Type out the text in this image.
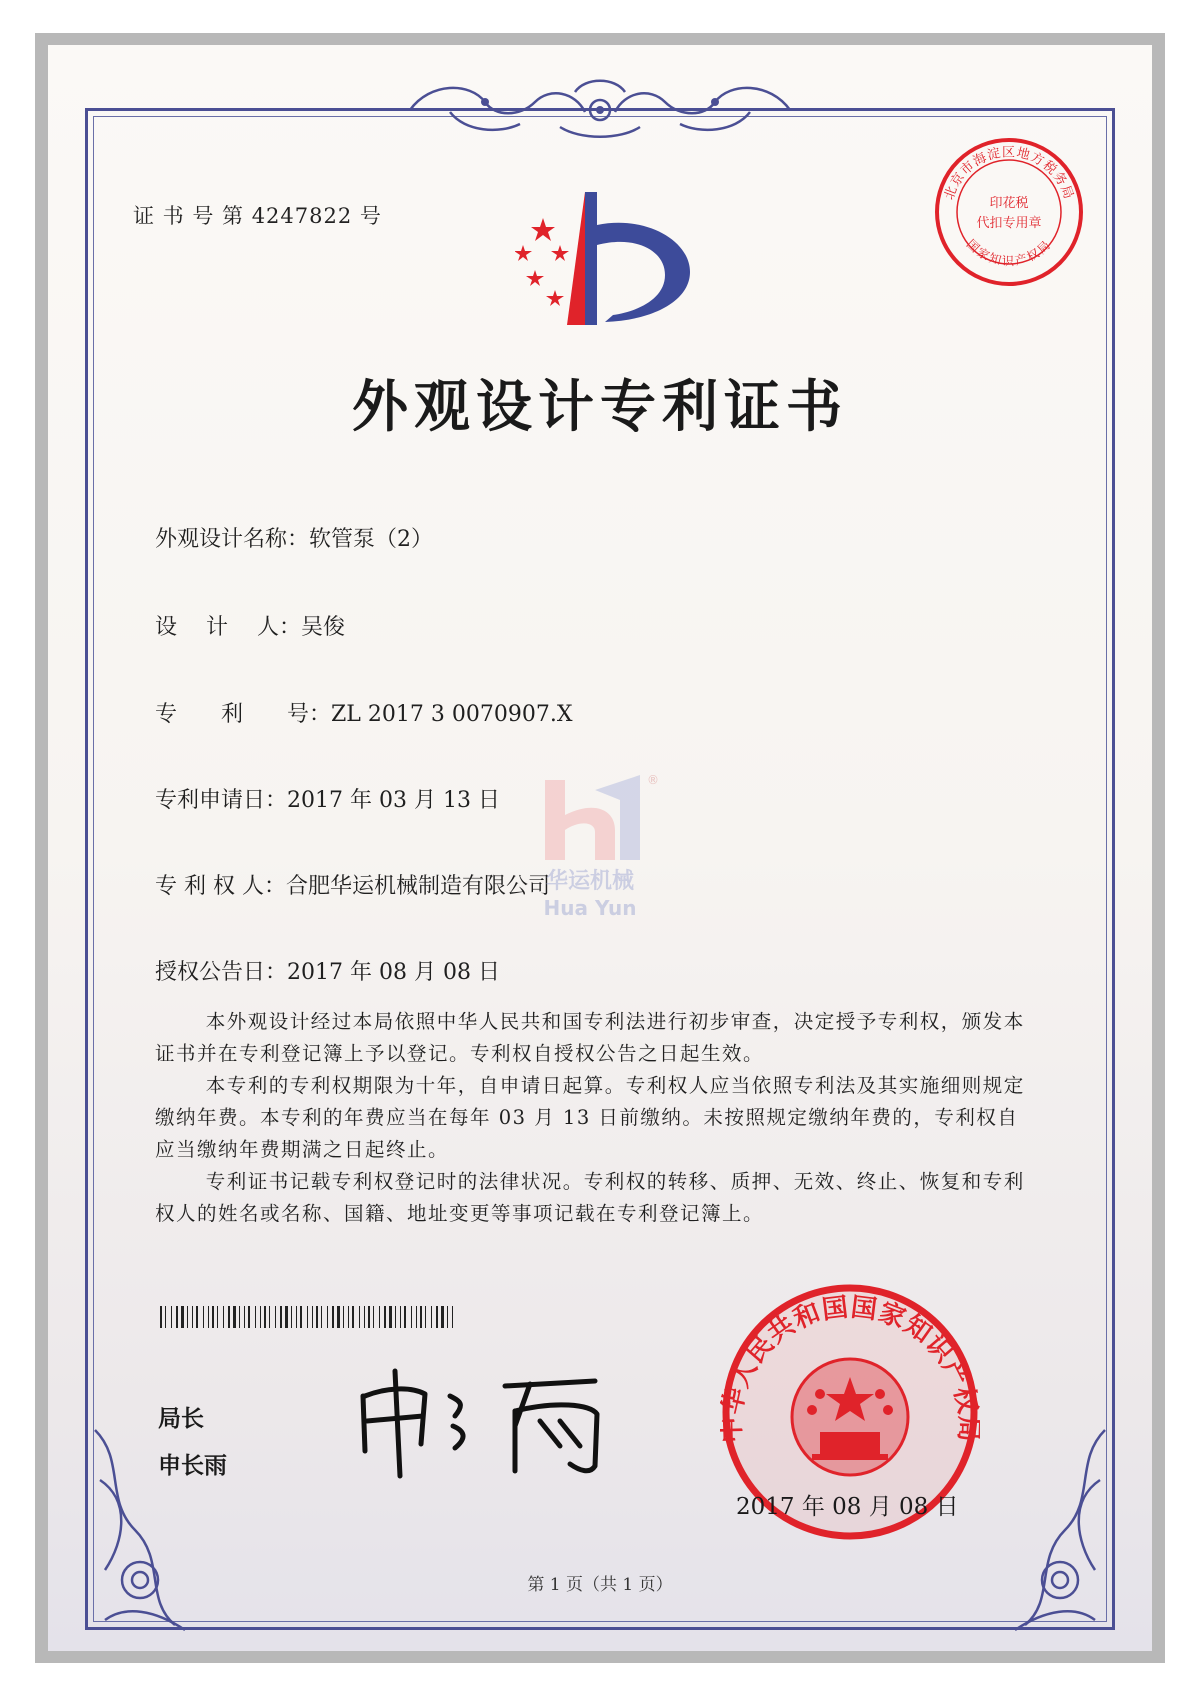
证 书 号 第 4247822 号
北京市海淀区地方税务局
国家知识产权局
印花税
代扣专用章
外观设计专利证书
外观设计名称：软管泵（2）
设　 计　 人：吴俊
专　　利　　号：ZL 2017 3 0070907.X
专利申请日：2017 年 03 月 13 日
专 利 权 人：合肥华运机械制造有限公司
授权公告日：2017 年 08 月 08 日
®
华运机械
Hua Yun

本外观设计经过本局依照中华人民共和国专利法进行初步审查，决定授予专利权，颁发本证书并在专利登记簿上予以登记。专利权自授权公告之日起生效。

本专利的专利权期限为十年，自申请日起算。专利权人应当依照专利法及其实施细则规定缴纳年费。本专利的年费应当在每年 03 月 13 日前缴纳。未按照规定缴纳年费的，专利权自应当缴纳年费期满之日起终止。

专利证书记载专利权登记时的法律状况。专利权的转移、质押、无效、终止、恢复和专利权人的姓名或名称、国籍、地址变更等事项记载在专利登记簿上。

局长
申长雨
华人民共和国国家知识产权
2017 年 08 月 08 日
第 1 页（共 1 页）
